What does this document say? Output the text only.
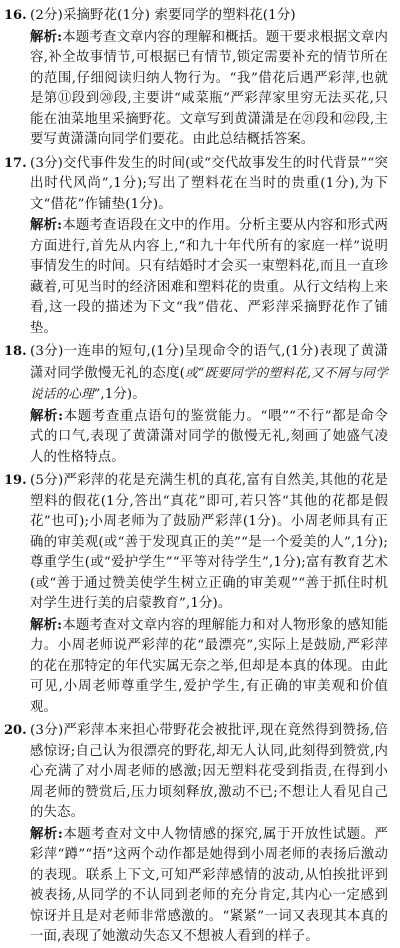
16. (2分)采摘野花(1分) 索要同学的塑料花(1分)

解析:本题考查文章内容的理解和概括。题干要求根据文章内容,补全故事情节,可根据已有情节,锁定需要补充的情节所在的范围,仔细阅读归纳人物行为。“我”借花后遇严彩萍,也就是第⑪段到⑳段,主要讲“咸菜瓶”严彩萍家里穷无法买花,只能在油菜地里采摘野花。文章写到黄潇潇是在㉑段和㉒段,主要写黄潇潇向同学们要花。由此总结概括答案。

17. (3分)交代事件发生的时间(或“交代故事发生的时代背景”“突出时代风尚”,1分);写出了塑料花在当时的贵重(1分),为下文“借花”作铺垫(1分)。

解析:本题考查语段在文中的作用。分析主要从内容和形式两方面进行,首先从内容上,“和九十年代所有的家庭一样”说明事情发生的时间。只有结婚时才会买一束塑料花,而且一直珍藏着,可见当时的经济困难和塑料花的贵重。从行文结构上来看,这一段的描述为下文“我”借花、严彩萍采摘野花作了铺垫。

18. (3分)一连串的短句,(1分)呈现命令的语气,(1分)表现了黄潇潇对同学傲慢无礼的态度(或“既要同学的塑料花,又不屑与同学说话的心理”,1分)。

解析:本题考查重点语句的鉴赏能力。“喂”“不行”都是命令式的口气,表现了黄潇潇对同学的傲慢无礼,刻画了她盛气凌人的性格特点。

19. (5分)严彩萍的花是充满生机的真花,富有自然美,其他的花是塑料的假花(1分,答出“真花”即可,若只答“其他的花都是假花”也可);小周老师为了鼓励严彩萍(1分)。小周老师具有正确的审美观(或“善于发现真正的美”“是一个爱美的人”,1分);尊重学生(或“爱护学生”“平等对待学生”,1分);富有教育艺术(或“善于通过赞美使学生树立正确的审美观”“善于抓住时机对学生进行美的启蒙教育”,1分)。

解析:本题考查对文章内容的理解能力和对人物形象的感知能力。小周老师说严彩萍的花“最漂亮”,实际上是鼓励,严彩萍的花在那特定的年代实属无奈之举,但却是本真的体现。由此可见,小周老师尊重学生,爱护学生,有正确的审美观和价值观。

20. (3分)严彩萍本来担心带野花会被批评,现在竟然得到赞扬,倍感惊讶;自己认为很漂亮的野花,却无人认同,此刻得到赞赏,内心充满了对小周老师的感激;因无塑料花受到指责,在得到小周老师的赞赏后,压力顷刻释放,激动不已;不想让人看见自己的失态。

解析:本题考查对文中人物情感的探究,属于开放性试题。严彩萍“蹲”“捂”这两个动作都是她得到小周老师的表扬后激动的表现。联系上下文,可知严彩萍感情的波动,从怕挨批评到被表扬,从同学的不认同到老师的充分肯定,其内心一定感到惊讶并且是对老师非常感激的。“紧紧”一词又表现其本真的一面,表现了她激动失态又不想被人看到的样子。
